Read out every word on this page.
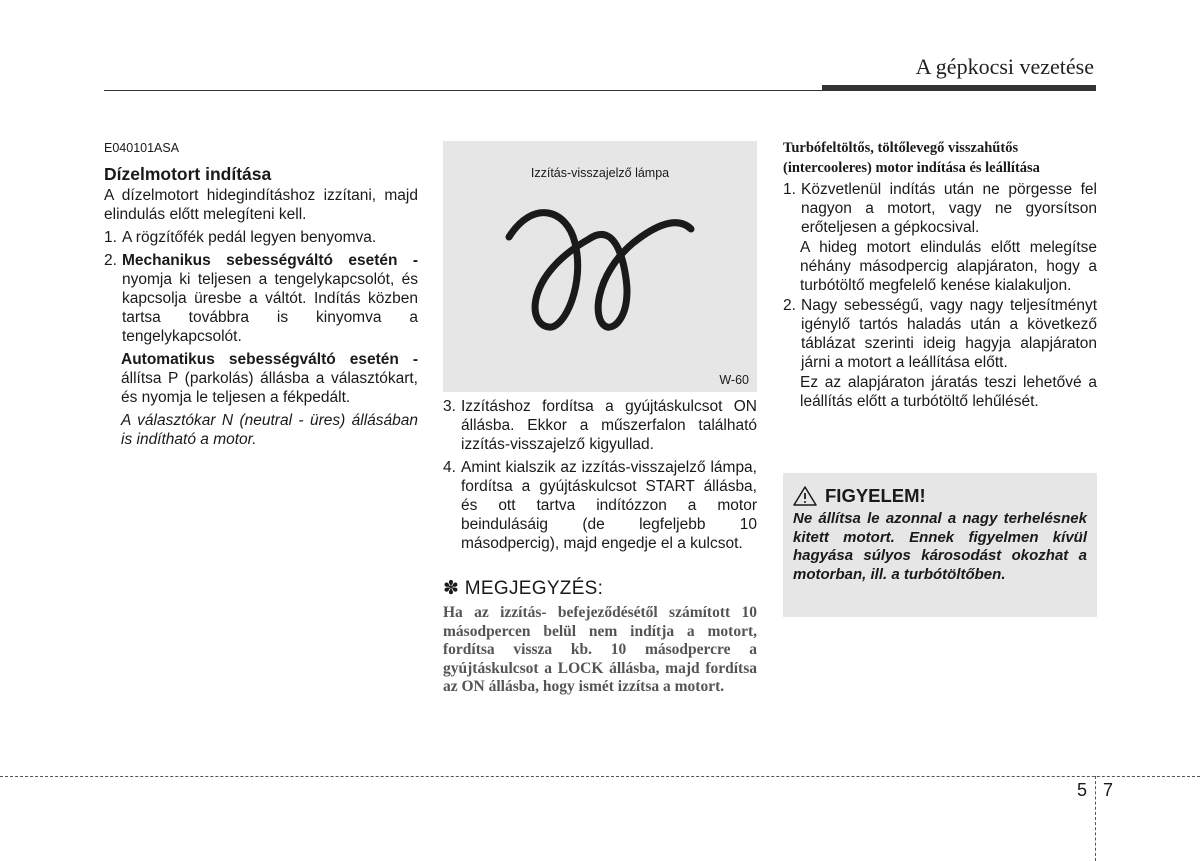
A gépkocsi vezetése

E040101ASA

Dízelmotort indítása

A dízelmotort hidegindításhoz izzítani, majd elindulás előtt melegíteni kell.

1. A rögzítőfék pedál legyen benyomva.

2. Mechanikus sebességváltó esetén - nyomja ki teljesen a tengelykapcsolót, és kapcsolja üresbe a váltót. Indítás közben tartsa továbbra is kinyomva a tengelykapcsolót.

Automatikus sebességváltó esetén - állítsa P (parkolás) állásba a választókart, és nyomja le teljesen a fékpedált.

A választókar N (neutral - üres) állásában is indítható a motor.

Izzítás-visszajelző lámpa
W-60

3. Izzításhoz fordítsa a gyújtáskulcsot ON állásba. Ekkor a műszerfalon található izzítás-visszajelző kigyullad.

4. Amint kialszik az izzítás-visszajelző lámpa, fordítsa a gyújtáskulcsot START állásba, és ott tartva indítózzon a motor beindulásáig (de legfeljebb 10 másodpercig), majd engedje el a kulcsot.

✽ MEGJEGYZÉS:

Ha az izzítás- befejeződésétől számított 10 másodpercen belül nem indítja a motort, fordítsa vissza kb. 10 másodpercre a gyújtáskulcsot a LOCK állásba, majd fordítsa az ON állásba, hogy ismét izzítsa a motort.

Turbófeltöltős, töltőlevegő visszahűtős (intercooleres) motor indítása és leállítása

1. Közvetlenül indítás után ne pörgesse fel nagyon a motort, vagy ne gyorsítson erőteljesen a gépkocsival.

A hideg motort elindulás előtt melegítse néhány másodpercig alapjáraton, hogy a turbótöltő megfelelő kenése kialakuljon.

2. Nagy sebességű, vagy nagy teljesítményt igénylő tartós haladás után a következő táblázat szerinti ideig hagyja alapjáraton járni a motort a leállítása előtt.

Ez az alapjáraton járatás teszi lehetővé a leállítás előtt a turbótöltő lehűlését.

FIGYELEM!
Ne állítsa le azonnal a nagy terhelésnek kitett motort. Ennek figyelmen kívül hagyása súlyos károsodást okozhat a motorban, ill. a turbótöltőben.
5 7
